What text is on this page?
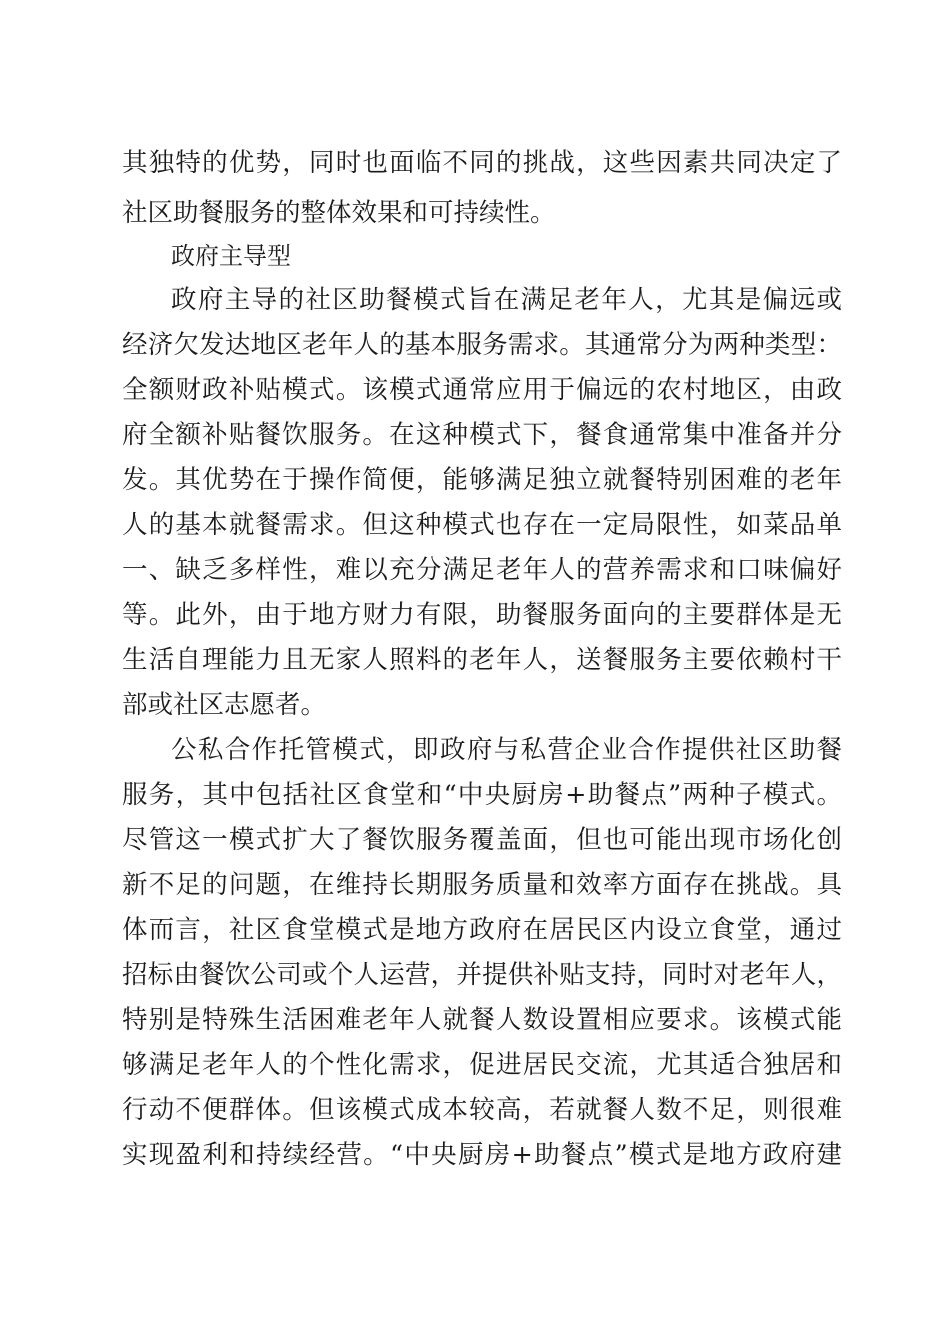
其独特的优势，同时也面临不同的挑战，这些因素共同决定了
社区助餐服务的整体效果和可持续性。
政府主导型
政府主导的社区助餐模式旨在满足老年人，尤其是偏远或
经济欠发达地区老年人的基本服务需求。其通常分为两种类型：
全额财政补贴模式。该模式通常应用于偏远的农村地区，由政
府全额补贴餐饮服务。在这种模式下，餐食通常集中准备并分
发。其优势在于操作简便，能够满足独立就餐特别困难的老年
人的基本就餐需求。但这种模式也存在一定局限性，如菜品单
一、缺乏多样性，难以充分满足老年人的营养需求和口味偏好
等。此外，由于地方财力有限，助餐服务面向的主要群体是无
生活自理能力且无家人照料的老年人，送餐服务主要依赖村干
部或社区志愿者。
公私合作托管模式，即政府与私营企业合作提供社区助餐
服务，其中包括社区食堂和“中央厨房+助餐点”两种子模式。
尽管这一模式扩大了餐饮服务覆盖面，但也可能出现市场化创
新不足的问题，在维持长期服务质量和效率方面存在挑战。具
体而言，社区食堂模式是地方政府在居民区内设立食堂，通过
招标由餐饮公司或个人运营，并提供补贴支持，同时对老年人，
特别是特殊生活困难老年人就餐人数设置相应要求。该模式能
够满足老年人的个性化需求，促进居民交流，尤其适合独居和
行动不便群体。但该模式成本较高，若就餐人数不足，则很难
实现盈利和持续经营。“中央厨房+助餐点”模式是地方政府建
